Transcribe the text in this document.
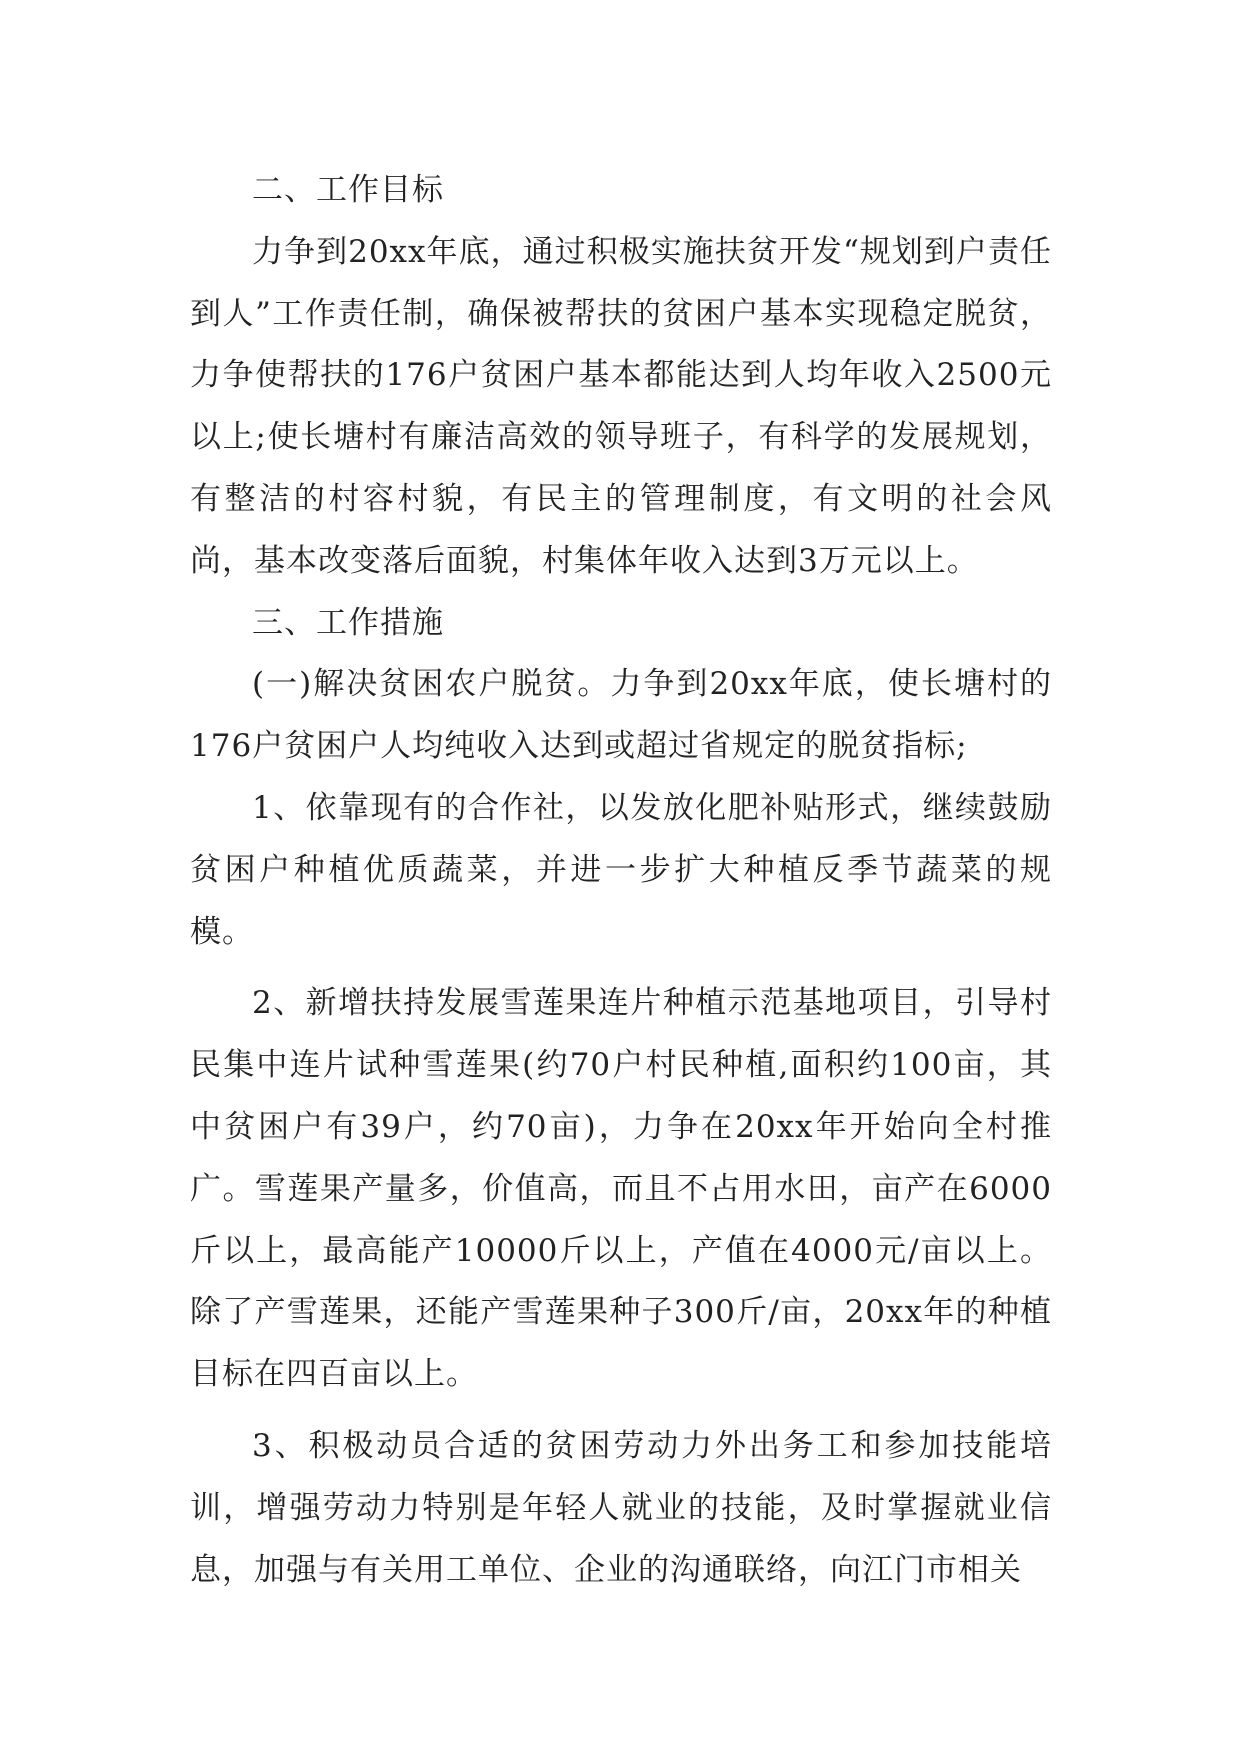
二、工作目标

力争到20xx年底，通过积极实施扶贫开发“规划到户责任到人”工作责任制，确保被帮扶的贫困户基本实现稳定脱贫，力争使帮扶的176户贫困户基本都能达到人均年收入2500元以上;使长塘村有廉洁高效的领导班子，有科学的发展规划，有整洁的村容村貌，有民主的管理制度，有文明的社会风尚，基本改变落后面貌，村集体年收入达到3万元以上。

三、工作措施

(一)解决贫困农户脱贫。力争到20xx年底，使长塘村的176户贫困户人均纯收入达到或超过省规定的脱贫指标;

1、依靠现有的合作社，以发放化肥补贴形式，继续鼓励贫困户种植优质蔬菜，并进一步扩大种植反季节蔬菜的规模。

2、新增扶持发展雪莲果连片种植示范基地项目，引导村民集中连片试种雪莲果(约70户村民种植,面积约100亩，其中贫困户有39户，约70亩)，力争在20xx年开始向全村推广。雪莲果产量多，价值高，而且不占用水田，亩产在6000斤以上，最高能产10000斤以上，产值在4000元/亩以上。除了产雪莲果，还能产雪莲果种子300斤/亩，20xx年的种植目标在四百亩以上。

3、积极动员合适的贫困劳动力外出务工和参加技能培训，增强劳动力特别是年轻人就业的技能，及时掌握就业信息，加强与有关用工单位、企业的沟通联络，向江门市相关
